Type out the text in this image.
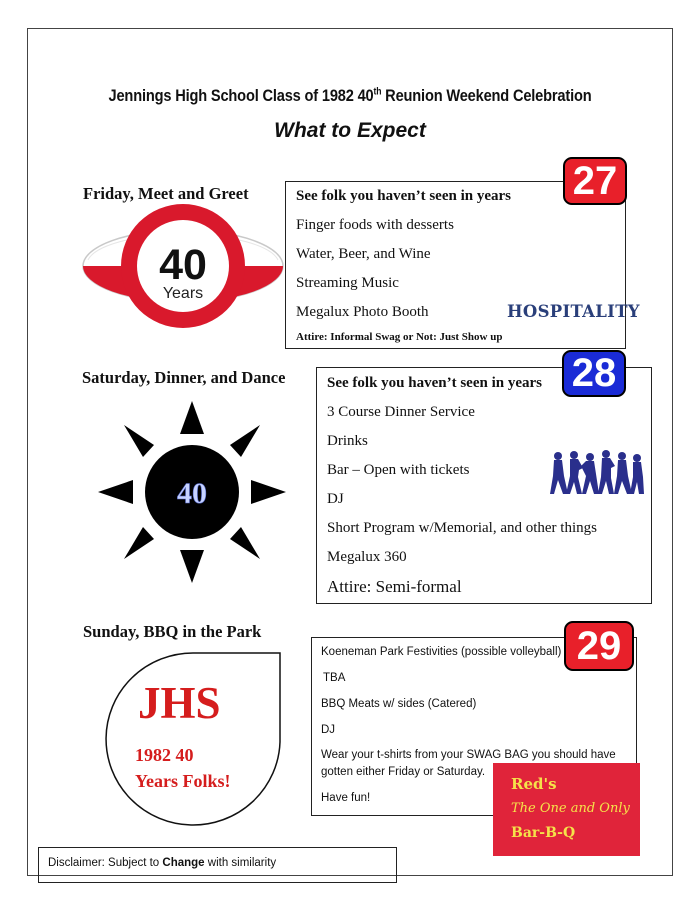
Jennings High School Class of 1982 40th Reunion Weekend Celebration
What to Expect
Friday, Meet and Greet
40
Years
See folk you haven’t seen in years
Finger foods with desserts
Water, Beer, and Wine
Streaming Music
Megalux Photo Booth
Attire: Informal Swag or Not: Just Show up
HOSPITALITY
27
Saturday, Dinner, and Dance
40
See folk you haven’t seen in years
3 Course Dinner Service
Drinks
Bar – Open with tickets
DJ
Short Program w/Memorial, and other things
Megalux 360
Attire: Semi-formal
28
Sunday, BBQ in the Park
JHS
1982 40
Years Folks!
Koeneman Park Festivities (possible volleyball)
TBA
BBQ Meats w/ sides (Catered)
DJ
Wear your t-shirts from your SWAG BAG you should have
gotten either Friday or Saturday.
Have fun!
29
Red's
The One and Only
Bar-B-Q
Disclaimer: Subject to Change with similarity
